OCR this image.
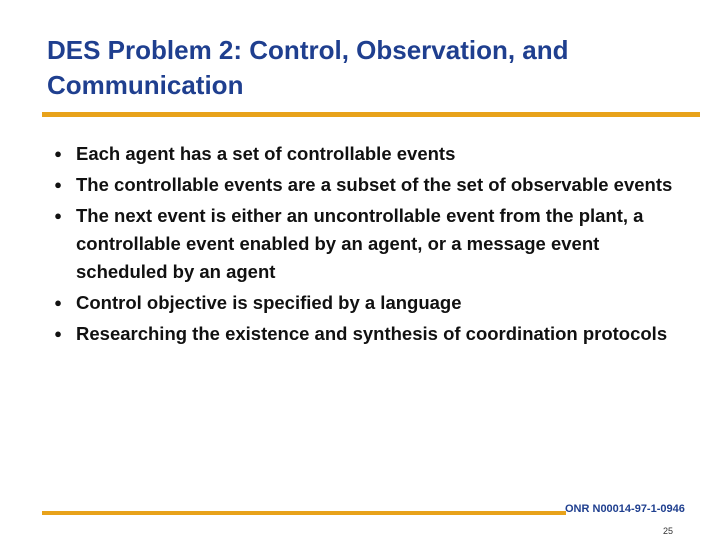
DES Problem 2: Control, Observation, and Communication
● Each agent has a set of controllable events
● The controllable events are a subset of the set of observable events
● The next event is either an uncontrollable event from the plant, a controllable event enabled by an agent, or a message event scheduled by an agent
● Control objective is specified by a language
● Researching the existence and synthesis of coordination protocols
ONR N00014-97-1-0946
25
